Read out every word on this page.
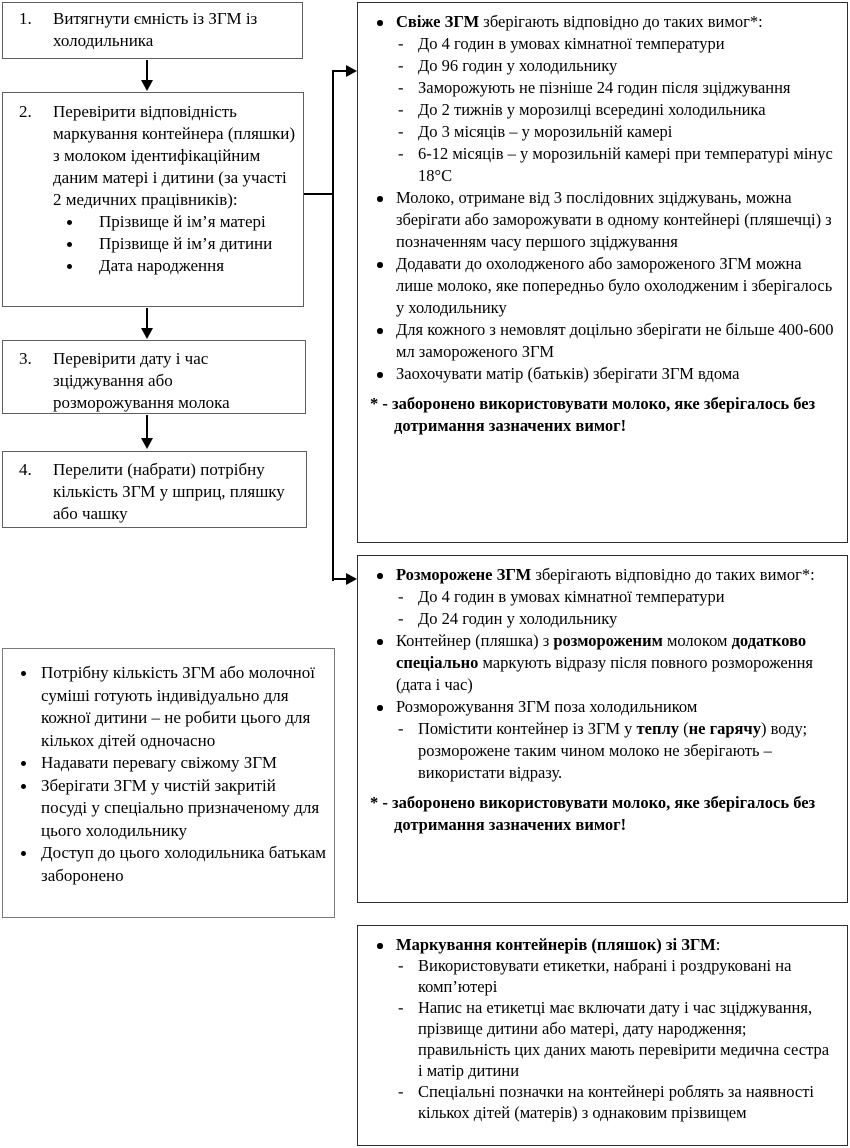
1.	Витягнути ємність із ЗГМ із холодильника
2.	Перевірити відповідність маркування контейнера (пляшки) з молоком ідентифікаційним даним матері і дитини (за участі 2 медичних працівників):
Прізвище й ім’я матері
Прізвище й ім’я дитини
Дата народження
3.	Перевірити дату і час зціджування або розморожування молока
4.	Перелити (набрати) потрібну кількість ЗГМ у шприц, пляшку або чашку
Потрібну кількість ЗГМ або молочної суміші готують індивідуально для кожної дитини – не робити цього для кількох дітей одночасно
Надавати перевагу свіжому ЗГМ
Зберігати ЗГМ у чистій закритій посуді у спеціально призначеному для цього холодильнику
Доступ до цього холодильника батькам заборонено
Свіже ЗГМ зберігають відповідно до таких вимог*:
- До 4 годин в умовах кімнатної температури
- До 96 годин у холодильнику
- Заморожують не пізніше 24 годин після зціджування
- До 2 тижнів у морозилці всередині холодильника
- До 3 місяців – у морозильній камері
- 6-12 місяців – у морозильній камері при температурі мінус 18°С
Молоко, отримане від 3 послідовних зціджувань, можна зберігати або заморожувати в одному контейнері (пляшечці) з позначенням часу першого зціджування
Додавати до охолодженого або замороженого ЗГМ можна лише молоко, яке попередньо було охолодженим і зберігалось у холодильнику
Для кожного з немовлят доцільно зберігати не більше 400-600 мл замороженого ЗГМ
Заохочувати матір (батьків) зберігати ЗГМ вдома
* - заборонено використовувати молоко, яке зберігалось без дотримання зазначених вимог!
Розморожене ЗГМ зберігають відповідно до таких вимог*:
- До 4 годин в умовах кімнатної температури
- До 24 годин у холодильнику
Контейнер (пляшка) з розмороженим молоком додатково спеціально маркують відразу після повного розмороження (дата і час)
Розморожування ЗГМ поза холодильником
- Помістити контейнер із ЗГМ у теплу (не гарячу) воду; розморожене таким чином молоко не зберігають – використати відразу.
* - заборонено використовувати молоко, яке зберігалось без дотримання зазначених вимог!
Маркування контейнерів (пляшок) зі ЗГМ:
- Використовувати етикетки, набрані і роздруковані на комп’ютері
- Напис на етикетці має включати дату і час зціджування, прізвище дитини або матері, дату народження; правильність цих даних мають перевірити медична сестра і матір дитини
- Спеціальні позначки на контейнері роблять за наявності кількох дітей (матерів) з однаковим прізвищем
